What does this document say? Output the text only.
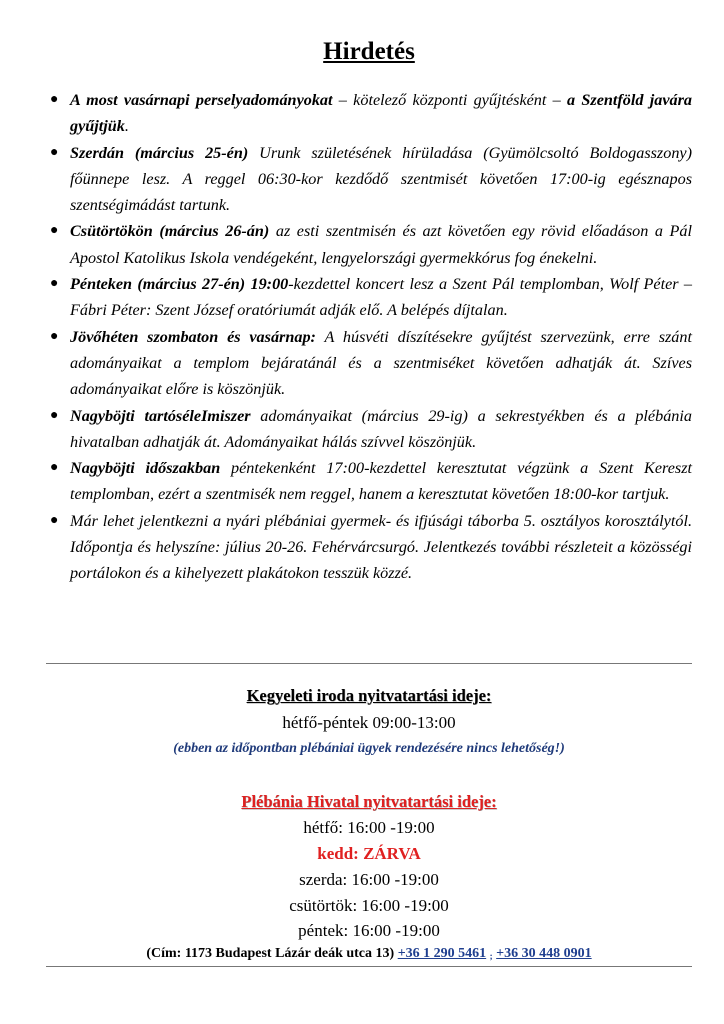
Hirdetés
● A most vasárnapi perselyadományokat – kötelező központi gyűjtésként – a Szentföld javára gyűjtjük.
● Szerdán (március 25-én) Urunk születésének hírüladása (Gyümölcsoltó Boldogasszony) főünnepe lesz. A reggel 06:30-kor kezdődő szentmisét követően 17:00-ig egésznapos szentségimádást tartunk.
● Csütörtökön (március 26-án) az esti szentmisén és azt követően egy rövid előadáson a Pál Apostol Katolikus Iskola vendégeként, lengyelországi gyermekkórus fog énekelni.
● Pénteken (március 27-én) 19:00-kezdettel koncert lesz a Szent Pál templomban, Wolf Péter – Fábri Péter: Szent József oratóriumát adják elő. A belépés díjtalan.
● Jövőhéten szombaton és vasárnap: A húsvéti díszítésekre gyűjtést szervezünk, erre szánt adományaikat a templom bejáratánál és a szentmiséket követően adhatják át. Szíves adományaikat előre is köszönjük.
● Nagyböjti tartóséleImiszer adományaikat (március 29-ig) a sekrestyékben és a plébánia hivatalban adhatják át. Adományaikat hálás szívvel köszönjük.
● Nagyböjti időszakban péntekenként 17:00-kezdettel keresztutat végzünk a Szent Kereszt templomban, ezért a szentmisék nem reggel, hanem a keresztutat követően 18:00-kor tartjuk.
● Már lehet jelentkezni a nyári plébániai gyermek- és ifjúsági táborba 5. osztályos korosztálytól. Időpontja és helyszíne: július 20-26. Fehérvárcsurgó. Jelentkezés további részleteit a közösségi portálokon és a kihelyezett plakátokon tesszük közzé.
Kegyeleti iroda nyitvatartási ideje:
hétfő-péntek 09:00-13:00
(ebben az időpontban plébániai ügyek rendezésére nincs lehetőség!)
Plébánia Hivatal nyitvatartási ideje:
hétfő: 16:00 -19:00
kedd: ZÁRVA
szerda: 16:00 -19:00
csütörtök: 16:00 -19:00
péntek: 16:00 -19:00
(Cím: 1173 Budapest Lázár deák utca 13) +36 1 290 5461 ; +36 30 448 0901
